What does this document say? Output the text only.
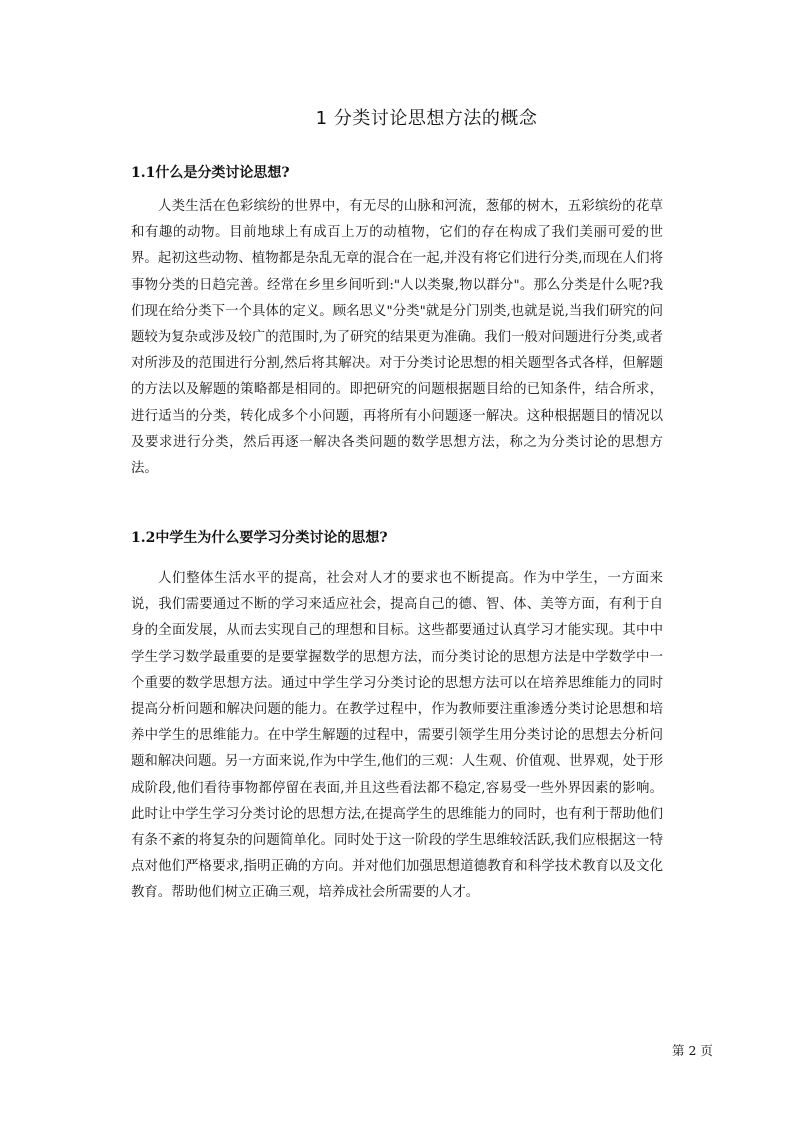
1 分类讨论思想方法的概念
1.1什么是分类讨论思想?

人类生活在色彩缤纷的世界中，有无尽的山脉和河流，葱郁的树木，五彩缤纷的花草和有趣的动物。目前地球上有成百上万的动植物，它们的存在构成了我们美丽可爱的世界。起初这些动物、植物都是杂乱无章的混合在一起,并没有将它们进行分类,而现在人们将事物分类的日趋完善。经常在乡里乡间听到:"人以类聚,物以群分"。那么分类是什么呢?我们现在给分类下一个具体的定义。顾名思义"分类"就是分门别类,也就是说,当我们研究的问题较为复杂或涉及较广的范围时,为了研究的结果更为准确。我们一般对问题进行分类,或者对所涉及的范围进行分割,然后将其解决。对于分类讨论思想的相关题型各式各样，但解题的方法以及解题的策略都是相同的。即把研究的问题根据题目给的已知条件，结合所求，进行适当的分类，转化成多个小问题，再将所有小问题逐一解决。这种根据题目的情况以及要求进行分类，然后再逐一解决各类问题的数学思想方法，称之为分类讨论的思想方法。

1.2中学生为什么要学习分类讨论的思想?

人们整体生活水平的提高，社会对人才的要求也不断提高。作为中学生，一方面来说，我们需要通过不断的学习来适应社会，提高自己的德、智、体、美等方面，有利于自身的全面发展，从而去实现自己的理想和目标。这些都要通过认真学习才能实现。其中中学生学习数学最重要的是要掌握数学的思想方法，而分类讨论的思想方法是中学数学中一个重要的数学思想方法。通过中学生学习分类讨论的思想方法可以在培养思维能力的同时提高分析问题和解决问题的能力。在教学过程中，作为教师要注重渗透分类讨论思想和培养中学生的思维能力。在中学生解题的过程中，需要引领学生用分类讨论的思想去分析问题和解决问题。另一方面来说,作为中学生,他们的三观：人生观、价值观、世界观，处于形成阶段,他们看待事物都停留在表面,并且这些看法都不稳定,容易受一些外界因素的影响。此时让中学生学习分类讨论的思想方法,在提高学生的思维能力的同时，也有利于帮助他们有条不紊的将复杂的问题简单化。同时处于这一阶段的学生思维较活跃,我们应根据这一特点对他们严格要求,指明正确的方向。并对他们加强思想道德教育和科学技术教育以及文化教育。帮助他们树立正确三观，培养成社会所需要的人才。

第 2 页
